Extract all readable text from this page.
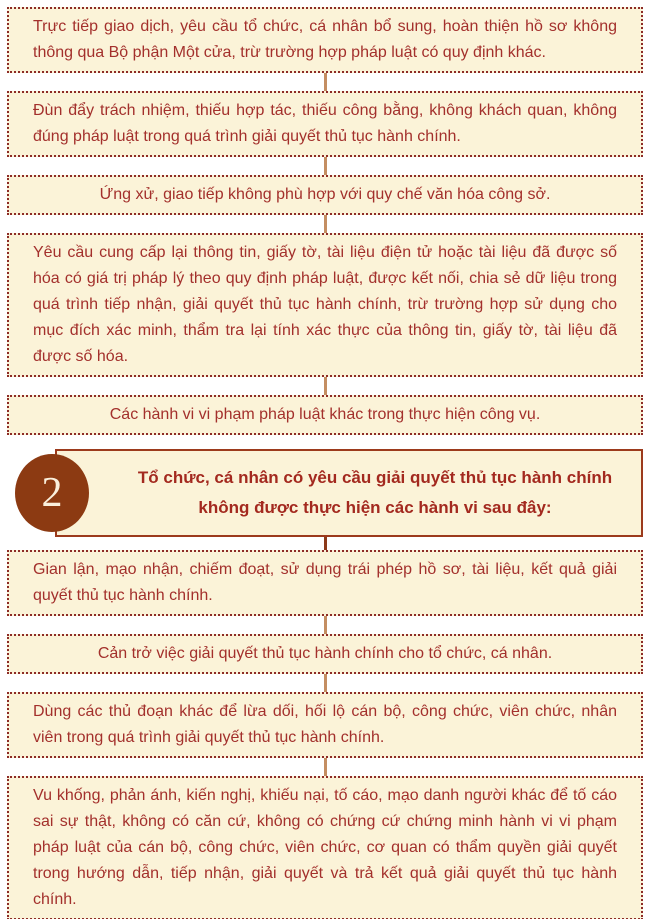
Trực tiếp giao dịch, yêu cầu tổ chức, cá nhân bổ sung, hoàn thiện hồ sơ không thông qua Bộ phận Một cửa, trừ trường hợp pháp luật có quy định khác.
Đùn đẩy trách nhiệm, thiếu hợp tác, thiếu công bằng, không khách quan, không đúng pháp luật trong quá trình giải quyết thủ tục hành chính.
Ứng xử, giao tiếp không phù hợp với quy chế văn hóa công sở.
Yêu cầu cung cấp lại thông tin, giấy tờ, tài liệu điện tử hoặc tài liệu đã được số hóa có giá trị pháp lý theo quy định pháp luật, được kết nối, chia sẻ dữ liệu trong quá trình tiếp nhận, giải quyết thủ tục hành chính, trừ trường hợp sử dụng cho mục đích xác minh, thẩm tra lại tính xác thực của thông tin, giấy tờ, tài liệu đã được số hóa.
Các hành vi vi phạm pháp luật khác trong thực hiện công vụ.
2	Tổ chức, cá nhân có yêu cầu giải quyết thủ tục hành chính không được thực hiện các hành vi sau đây:
Gian lận, mạo nhận, chiếm đoạt, sử dụng trái phép hồ sơ, tài liệu, kết quả giải quyết thủ tục hành chính.
Cản trở việc giải quyết thủ tục hành chính cho tổ chức, cá nhân.
Dùng các thủ đoạn khác để lừa dối, hối lộ cán bộ, công chức, viên chức, nhân viên trong quá trình giải quyết thủ tục hành chính.
Vu khống, phản ánh, kiến nghị, khiếu nại, tố cáo, mạo danh người khác để tố cáo sai sự thật, không có căn cứ, không có chứng cứ chứng minh hành vi vi phạm pháp luật của cán bộ, công chức, viên chức, cơ quan có thẩm quyền giải quyết trong hướng dẫn, tiếp nhận, giải quyết và trả kết quả giải quyết thủ tục hành chính.
